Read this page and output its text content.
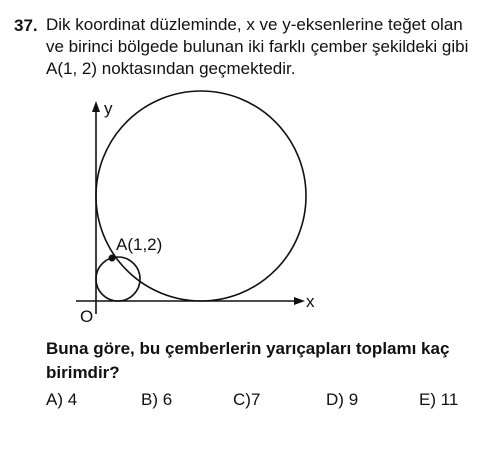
37. Dik koordinat düzleminde, x ve y-eksenlerine teğet olan
ve birinci bölgede bulunan iki farklı çember şekildeki gibi
A(1, 2) noktasından geçmektedir.
y
x
O
A(1,2)
Buna göre, bu çemberlerin yarıçapları toplamı kaç
birimdir?
A) 4	B) 6	C)7	D) 9	E) 11
